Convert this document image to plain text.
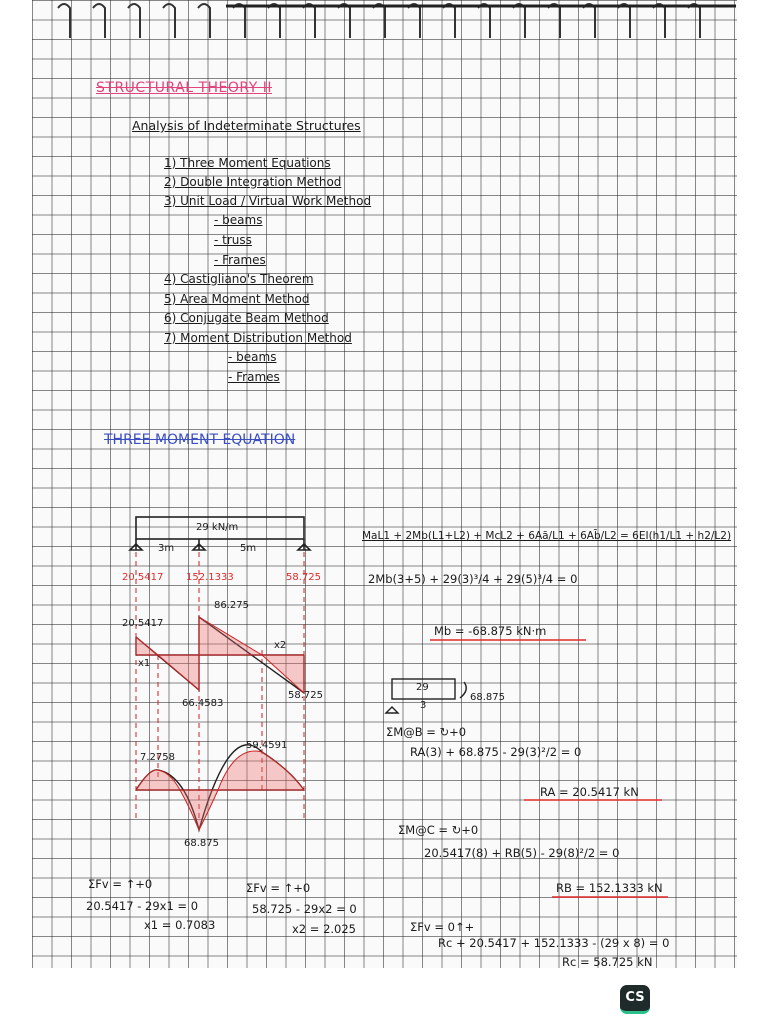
STRUCTURAL THEORY II
Analysis of Indeterminate Structures
1) Three Moment Equations
2) Double Integration Method
3) Unit Load / Virtual Work Method
- beams
- truss
- Frames
4) Castigliano's Theorem
5) Area Moment Method
6) Conjugate Beam Method
7) Moment Distribution Method
- beams
- Frames
THREE MOMENT EQUATION
29 kN/m
3m	5m
20.5417 152.1333	58.725
20.5417
86.275
66.4583
58.725
x1
x2
7.2758
59.4591
68.875
MaL1 + 2Mb(L1+L2) + McL2 + 6Aā/L1 + 6Ab̄/L2 = 6EI(h1/L1 + h2/L2)
2Mb(3+5) + 29(3)³/4 + 29(5)³/4 = 0
Mb = -68.875 kN·m
29
3
68.875
ΣM@B = ↻+0
RA(3) + 68.875 - 29(3)²/2 = 0
RA = 20.5417 kN
ΣM@C = ↻+0
20.5417(8) + RB(5) - 29(8)²/2 = 0
RB = 152.1333 kN
ΣFv = 0↑+
Rc + 20.5417 + 152.1333 - (29 x 8) = 0
Rc = 58.725 kN
ΣFv = ↑+0
20.5417 - 29x1 = 0
x1 = 0.7083
ΣFv = ↑+0
58.725 - 29x2 = 0
x2 = 2.025
CS
